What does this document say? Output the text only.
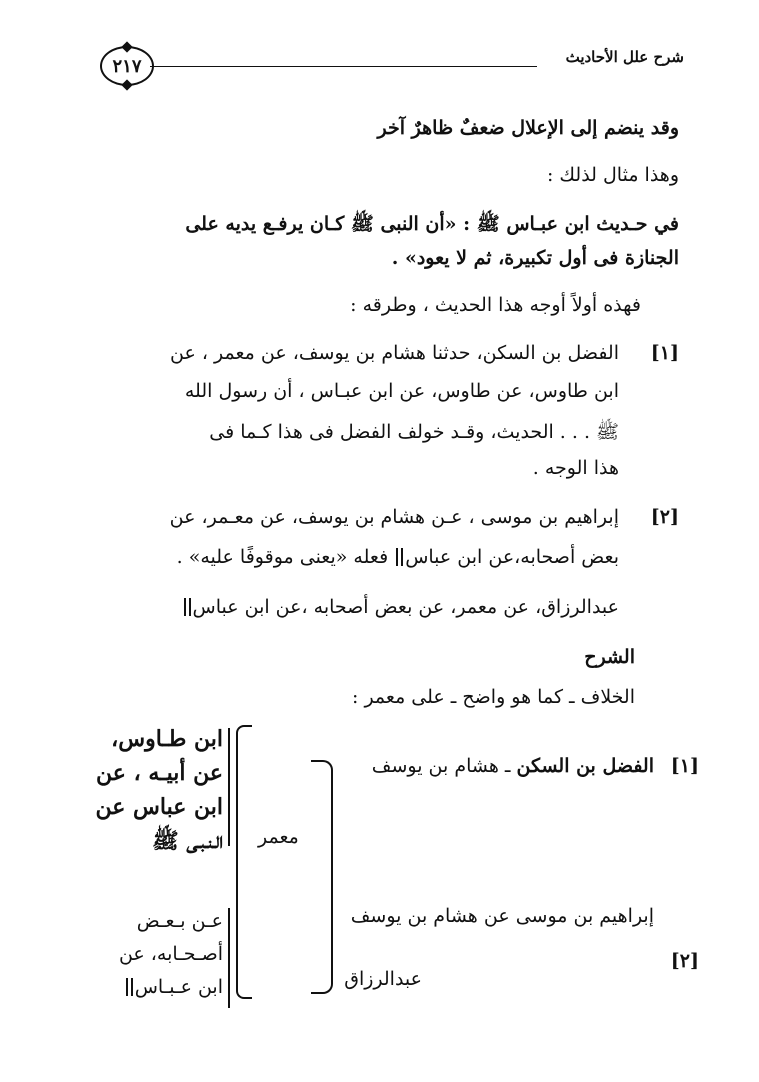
شرح علل الأحاديث
٢١٧
وقد ينضم إلى الإعلال ضعفٌ ظاهرٌ آخر
وهذا مثال لذلك :
في حـديث ابن عبـاس ﷺ : «أن النبى ﷺ كـان يرفـع يديه على
الجنازة فى أول تكبيرة، ثم لا يعود» .
فهذه أولاً أوجه هذا الحديث ، وطرقه :
[١]
الفضل بن السكن، حدثنا هشام بن يوسف، عن معمر ، عن
ابن طاوس، عن طاوس، عن ابن عبـاس ، أن رسول الله
ﷺ . . . الحديث، وقـد خولف الفضل فى هذا كـما فى
هذا الوجه .
[٢]
إبراهيم بن موسى ، عـن هشام بن يوسف، عن معـمر، عن
بعض أصحابه،عن ابن عباس فعله «يعنى موقوفًا عليه» .
عبدالرزاق، عن معمر، عن بعض أصحابه ،عن ابن عباس
الشرح
الخلاف ـ كما هو واضح ـ على معمر :
[١]
الفضل بن السكن ـ هشام بن يوسف
إبراهيم بن موسى عن هشام بن يوسف
[٢]
عبدالرزاق
معمر
ابن طـاوس،
عن أبيـه ، عن
ابن عباس عن
الـنـبـى ﷺ
عـن بـعـض
أصـحـابه، عن
ابن عـبـاس
